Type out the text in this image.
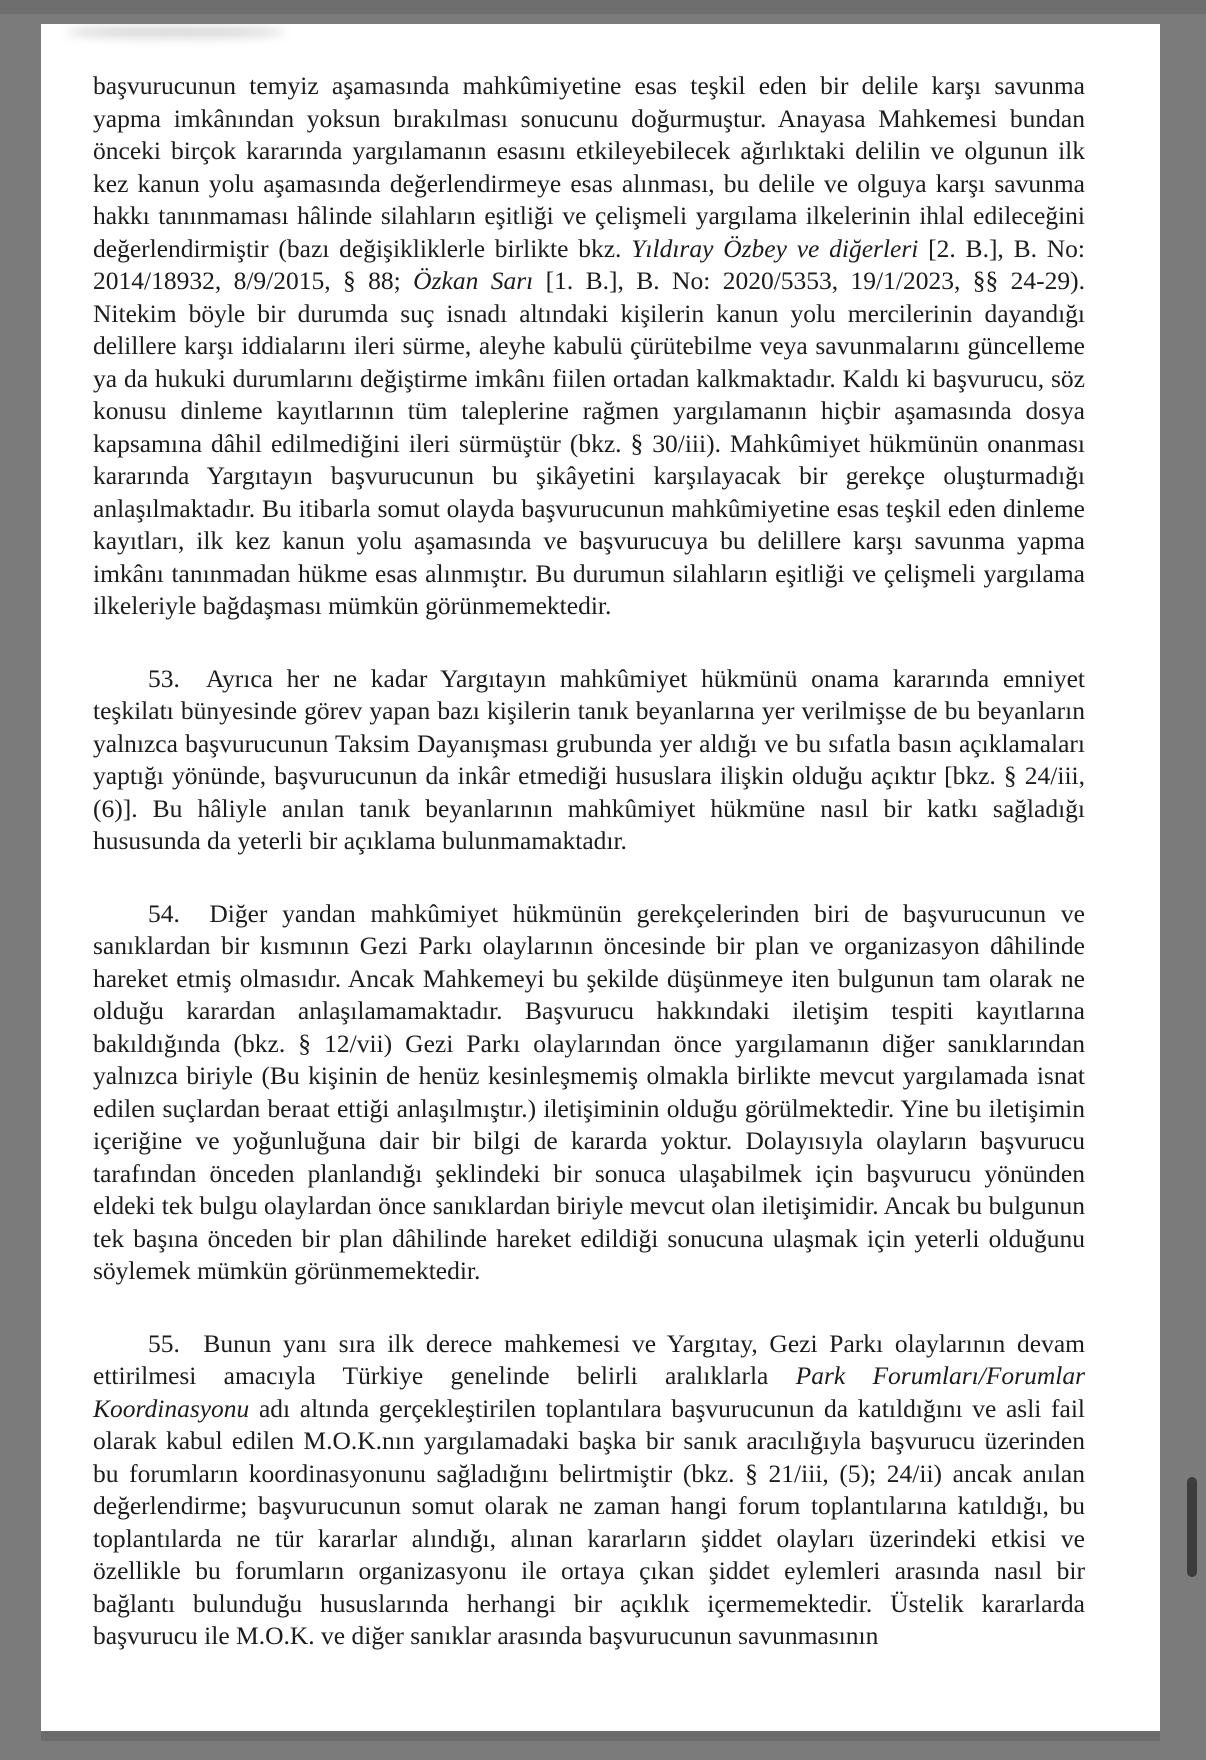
başvurucunun temyiz aşamasında mahkûmiyetine esas teşkil eden bir delile karşı savunma yapma imkânından yoksun bırakılması sonucunu doğurmuştur. Anayasa Mahkemesi bundan önceki birçok kararında yargılamanın esasını etkileyebilecek ağırlıktaki delilin ve olgunun ilk kez kanun yolu aşamasında değerlendirmeye esas alınması, bu delile ve olguya karşı savunma hakkı tanınmaması hâlinde silahların eşitliği ve çelişmeli yargılama ilkelerinin ihlal edileceğini değerlendirmiştir (bazı değişikliklerle birlikte bkz. Yıldıray Özbey ve diğerleri [2. B.], B. No: 2014/18932, 8/9/2015, § 88; Özkan Sarı [1. B.], B. No: 2020/5353, 19/1/2023, §§ 24-29). Nitekim böyle bir durumda suç isnadı altındaki kişilerin kanun yolu mercilerinin dayandığı delillere karşı iddialarını ileri sürme, aleyhe kabulü çürütebilme veya savunmalarını güncelleme ya da hukuki durumlarını değiştirme imkânı fiilen ortadan kalkmaktadır. Kaldı ki başvurucu, söz konusu dinleme kayıtlarının tüm taleplerine rağmen yargılamanın hiçbir aşamasında dosya kapsamına dâhil edilmediğini ileri sürmüştür (bkz. § 30/iii). Mahkûmiyet hükmünün onanması kararında Yargıtayın başvurucunun bu şikâyetini karşılayacak bir gerekçe oluşturmadığı anlaşılmaktadır. Bu itibarla somut olayda başvurucunun mahkûmiyetine esas teşkil eden dinleme kayıtları, ilk kez kanun yolu aşamasında ve başvurucuya bu delillere karşı savunma yapma imkânı tanınmadan hükme esas alınmıştır. Bu durumun silahların eşitliği ve çelişmeli yargılama ilkeleriyle bağdaşması mümkün görünmemektedir.

53.  Ayrıca her ne kadar Yargıtayın mahkûmiyet hükmünü onama kararında emniyet teşkilatı bünyesinde görev yapan bazı kişilerin tanık beyanlarına yer verilmişse de bu beyanların yalnızca başvurucunun Taksim Dayanışması grubunda yer aldığı ve bu sıfatla basın açıklamaları yaptığı yönünde, başvurucunun da inkâr etmediği hususlara ilişkin olduğu açıktır [bkz. § 24/iii, (6)]. Bu hâliyle anılan tanık beyanlarının mahkûmiyet hükmüne nasıl bir katkı sağladığı hususunda da yeterli bir açıklama bulunmamaktadır.

54.  Diğer yandan mahkûmiyet hükmünün gerekçelerinden biri de başvurucunun ve sanıklardan bir kısmının Gezi Parkı olaylarının öncesinde bir plan ve organizasyon dâhilinde hareket etmiş olmasıdır. Ancak Mahkemeyi bu şekilde düşünmeye iten bulgunun tam olarak ne olduğu karardan anlaşılamamaktadır. Başvurucu hakkındaki iletişim tespiti kayıtlarına bakıldığında (bkz. § 12/vii) Gezi Parkı olaylarından önce yargılamanın diğer sanıklarından yalnızca biriyle (Bu kişinin de henüz kesinleşmemiş olmakla birlikte mevcut yargılamada isnat edilen suçlardan beraat ettiği anlaşılmıştır.) iletişiminin olduğu görülmektedir. Yine bu iletişimin içeriğine ve yoğunluğuna dair bir bilgi de kararda yoktur. Dolayısıyla olayların başvurucu tarafından önceden planlandığı şeklindeki bir sonuca ulaşabilmek için başvurucu yönünden eldeki tek bulgu olaylardan önce sanıklardan biriyle mevcut olan iletişimidir. Ancak bu bulgunun tek başına önceden bir plan dâhilinde hareket edildiği sonucuna ulaşmak için yeterli olduğunu söylemek mümkün görünmemektedir.

55.  Bunun yanı sıra ilk derece mahkemesi ve Yargıtay, Gezi Parkı olaylarının devam ettirilmesi amacıyla Türkiye genelinde belirli aralıklarla Park Forumları/Forumlar Koordinasyonu adı altında gerçekleştirilen toplantılara başvurucunun da katıldığını ve asli fail olarak kabul edilen M.O.K.nın yargılamadaki başka bir sanık aracılığıyla başvurucu üzerinden bu forumların koordinasyonunu sağladığını belirtmiştir (bkz. § 21/iii, (5); 24/ii) ancak anılan değerlendirme; başvurucunun somut olarak ne zaman hangi forum toplantılarına katıldığı, bu toplantılarda ne tür kararlar alındığı, alınan kararların şiddet olayları üzerindeki etkisi ve özellikle bu forumların organizasyonu ile ortaya çıkan şiddet eylemleri arasında nasıl bir bağlantı bulunduğu hususlarında herhangi bir açıklık içermemektedir. Üstelik kararlarda başvurucu ile M.O.K. ve diğer sanıklar arasında başvurucunun savunmasının
